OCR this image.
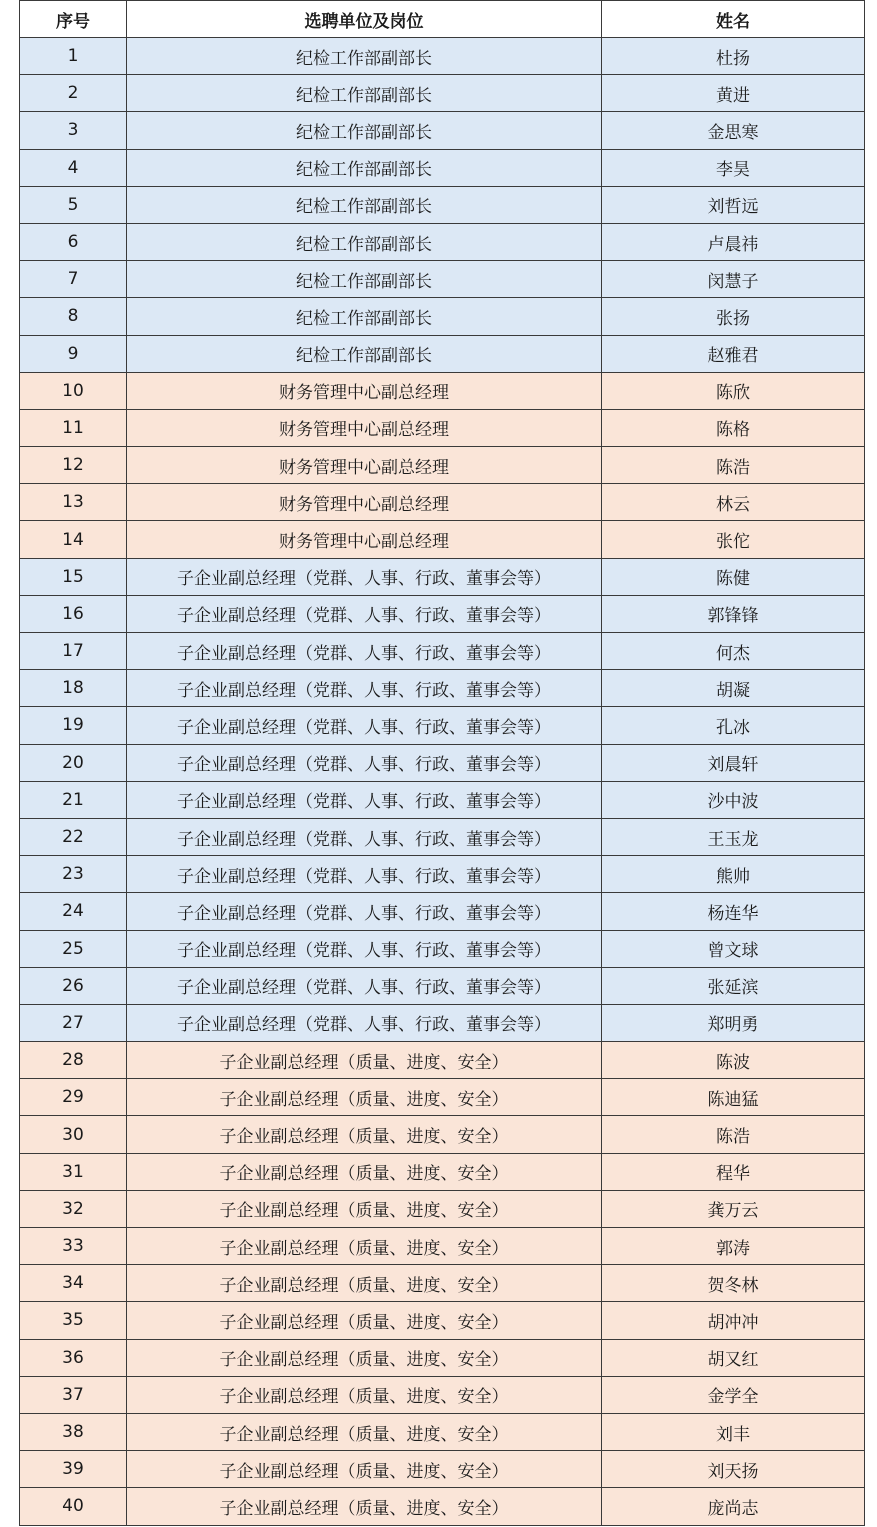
序号	选聘单位及岗位	姓名
1	纪检工作部副部长	杜扬
2	纪检工作部副部长	黄进
3	纪检工作部副部长	金思寒
4	纪检工作部副部长	李昊
5	纪检工作部副部长	刘哲远
6	纪检工作部副部长	卢晨祎
7	纪检工作部副部长	闵慧子
8	纪检工作部副部长	张扬
9	纪检工作部副部长	赵雅君
10	财务管理中心副总经理	陈欣
11	财务管理中心副总经理	陈格
12	财务管理中心副总经理	陈浩
13	财务管理中心副总经理	林云
14	财务管理中心副总经理	张佗
15	子企业副总经理（党群、人事、行政、董事会等）	陈健
16	子企业副总经理（党群、人事、行政、董事会等）	郭锋锋
17	子企业副总经理（党群、人事、行政、董事会等）	何杰
18	子企业副总经理（党群、人事、行政、董事会等）	胡凝
19	子企业副总经理（党群、人事、行政、董事会等）	孔冰
20	子企业副总经理（党群、人事、行政、董事会等）	刘晨轩
21	子企业副总经理（党群、人事、行政、董事会等）	沙中波
22	子企业副总经理（党群、人事、行政、董事会等）	王玉龙
23	子企业副总经理（党群、人事、行政、董事会等）	熊帅
24	子企业副总经理（党群、人事、行政、董事会等）	杨连华
25	子企业副总经理（党群、人事、行政、董事会等）	曾文球
26	子企业副总经理（党群、人事、行政、董事会等）	张延滨
27	子企业副总经理（党群、人事、行政、董事会等）	郑明勇
28	子企业副总经理（质量、进度、安全）	陈波
29	子企业副总经理（质量、进度、安全）	陈迪猛
30	子企业副总经理（质量、进度、安全）	陈浩
31	子企业副总经理（质量、进度、安全）	程华
32	子企业副总经理（质量、进度、安全）	龚万云
33	子企业副总经理（质量、进度、安全）	郭涛
34	子企业副总经理（质量、进度、安全）	贺冬林
35	子企业副总经理（质量、进度、安全）	胡冲冲
36	子企业副总经理（质量、进度、安全）	胡又红
37	子企业副总经理（质量、进度、安全）	金学全
38	子企业副总经理（质量、进度、安全）	刘丰
39	子企业副总经理（质量、进度、安全）	刘天扬
40	子企业副总经理（质量、进度、安全）	庞尚志
